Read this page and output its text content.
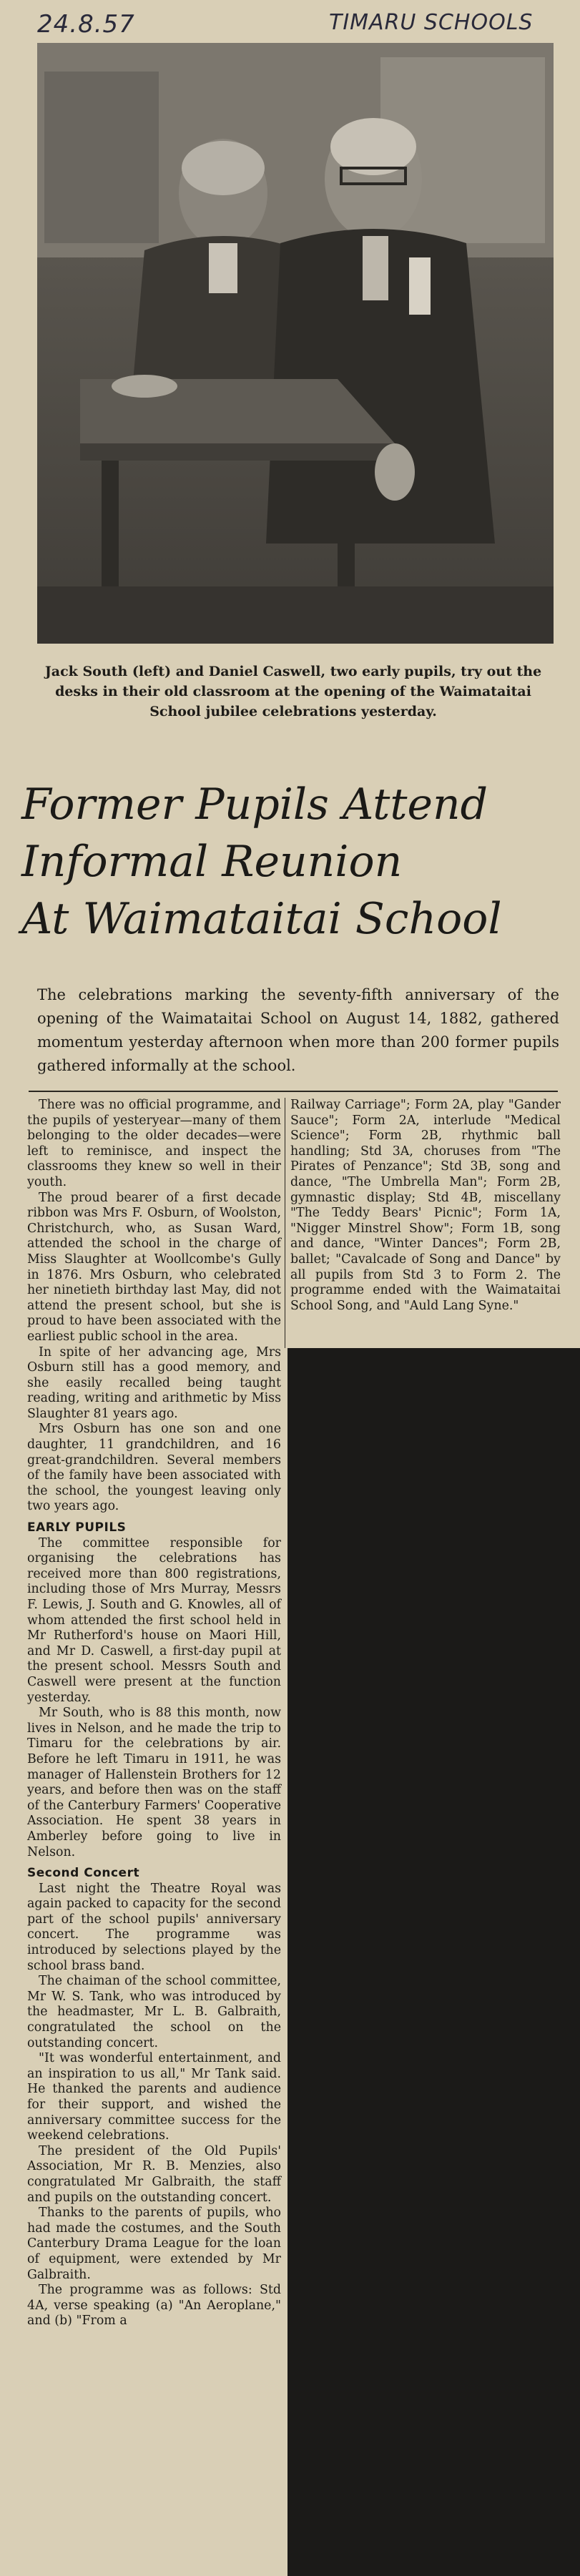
24.8.57	TIMARU SCHOOLS
Jack South (left) and Daniel Caswell, two early pupils, try out the desks in their old classroom at the opening of the Waimataitai School jubilee celebrations yesterday.
Former Pupils Attend
Informal Reunion
At Waimataitai School
The celebrations marking the seventy-fifth anniversary of the opening of the Waimataitai School on August 14, 1882, gathered momentum yesterday afternoon when more than 200 former pupils gathered informally at the school.

There was no official programme, and the pupils of yesteryear—many of them belonging to the older decades—were left to reminisce, and inspect the classrooms they knew so well in their youth.

The proud bearer of a first decade ribbon was Mrs F. Osburn, of Woolston, Christchurch, who, as Susan Ward, attended the school in the charge of Miss Slaughter at Woollcombe's Gully in 1876. Mrs Osburn, who celebrated her ninetieth birthday last May, did not attend the present school, but she is proud to have been associated with the earliest public school in the area.

In spite of her advancing age, Mrs Osburn still has a good memory, and she easily recalled being taught reading, writing and arithmetic by Miss Slaughter 81 years ago.

Mrs Osburn has one son and one daughter, 11 grandchildren, and 16 great-grandchildren. Several members of the family have been associated with the school, the youngest leaving only two years ago.

EARLY PUPILS

The committee responsible for organising the celebrations has received more than 800 registrations, including those of Mrs Murray, Messrs F. Lewis, J. South and G. Knowles, all of whom attended the first school held in Mr Rutherford's house on Maori Hill, and Mr D. Caswell, a first-day pupil at the present school. Messrs South and Caswell were present at the function yesterday.

Mr South, who is 88 this month, now lives in Nelson, and he made the trip to Timaru for the celebrations by air. Before he left Timaru in 1911, he was manager of Hallenstein Brothers for 12 years, and before then was on the staff of the Canterbury Farmers' Cooperative Association. He spent 38 years in Amberley before going to live in Nelson.

Second Concert

Last night the Theatre Royal was again packed to capacity for the second part of the school pupils' anniversary concert. The programme was introduced by selections played by the school brass band.

The chaiman of the school committee, Mr W. S. Tank, who was introduced by the headmaster, Mr L. B. Galbraith, congratulated the school on the outstanding concert.

"It was wonderful entertainment, and an inspiration to us all," Mr Tank said. He thanked the parents and audience for their support, and wished the anniversary committee success for the weekend celebrations.

The president of the Old Pupils' Association, Mr R. B. Menzies, also congratulated Mr Galbraith, the staff and pupils on the outstanding concert.

Thanks to the parents of pupils, who had made the costumes, and the South Canterbury Drama League for the loan of equipment, were extended by Mr Galbraith.

The programme was as follows: Std 4A, verse speaking (a) "An Aeroplane," and (b) "From a

Railway Carriage"; Form 2A, play "Gander Sauce"; Form 2A, interlude "Medical Science"; Form 2B, rhythmic ball handling; Std 3A, choruses from "The Pirates of Penzance"; Std 3B, song and dance, "The Umbrella Man"; Form 2B, gymnastic display; Std 4B, miscellany "The Teddy Bears' Picnic"; Form 1A, "Nigger Minstrel Show"; Form 1B, song and dance, "Winter Dances"; Form 2B, ballet; "Cavalcade of Song and Dance" by all pupils from Std 3 to Form 2. The programme ended with the Waimataitai School Song, and "Auld Lang Syne."
